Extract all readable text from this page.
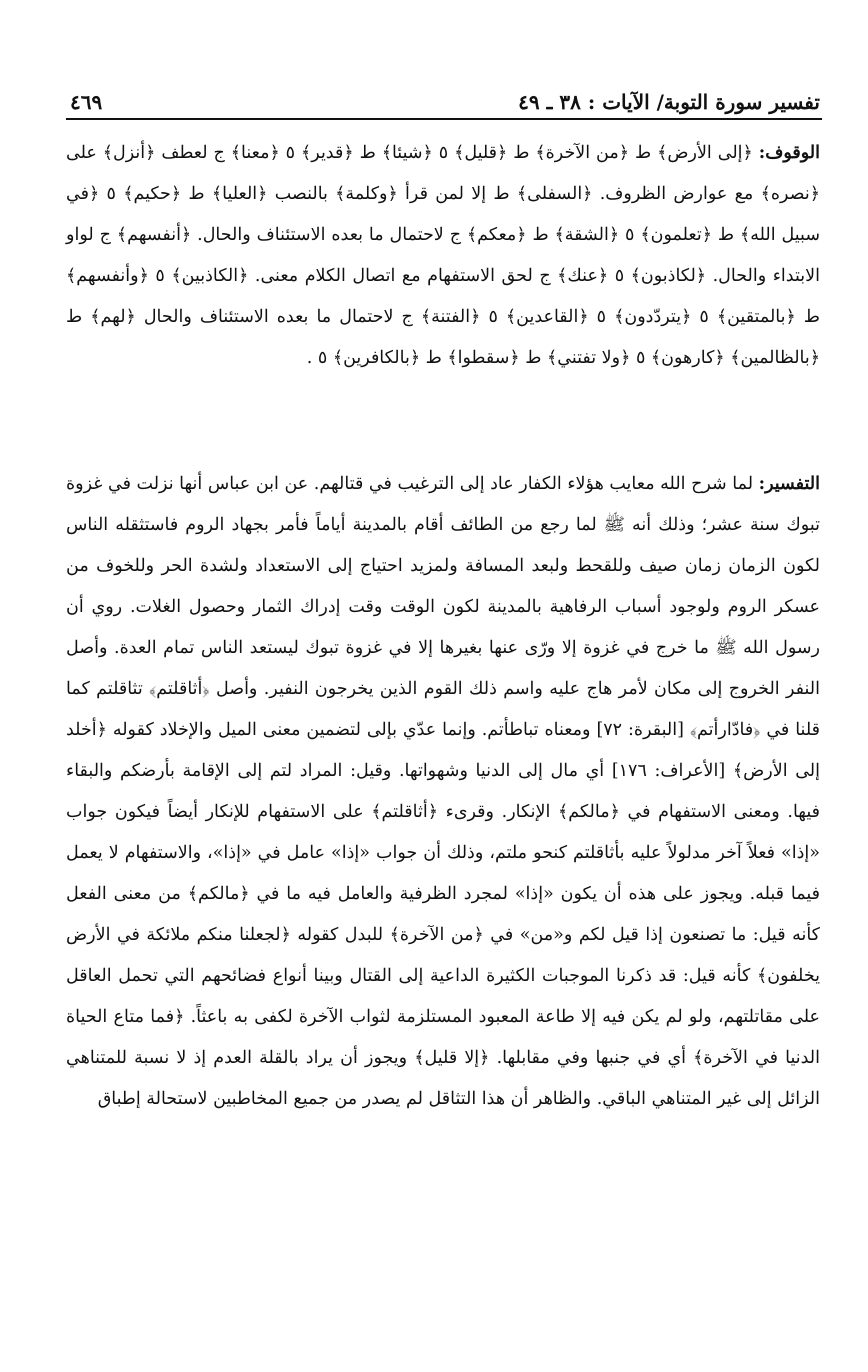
تفسير سورة التوبة/ الآيات : ٣٨ ـ ٤٩
٤٦٩
الوقوف: ﴿إلى الأرض﴾ ط ﴿من الآخرة﴾ ط ﴿قليل﴾ ٥ ﴿شيئا﴾ ط ﴿قدير﴾ ٥ ﴿معنا﴾ ج لعطف ﴿أنزل﴾ على ﴿نصره﴾ مع عوارض الظروف. ﴿السفلى﴾ ط إلا لمن قرأ ﴿وكلمة﴾ بالنصب ﴿العليا﴾ ط ﴿حكيم﴾ ٥ ﴿في سبيل الله﴾ ط ﴿تعلمون﴾ ٥ ﴿الشقة﴾ ط ﴿معكم﴾ ج لاحتمال ما بعده الاستئناف والحال. ﴿أنفسهم﴾ ج لواو الابتداء والحال. ﴿لكاذبون﴾ ٥ ﴿عنك﴾ ج لحق الاستفهام مع اتصال الكلام معنى. ﴿الكاذبين﴾ ٥ ﴿وأنفسهم﴾ ط ﴿بالمتقين﴾ ٥ ﴿يتردّدون﴾ ٥ ﴿القاعدين﴾ ٥ ﴿الفتنة﴾ ج لاحتمال ما بعده الاستئناف والحال ﴿لهم﴾ ط ﴿بالظالمين﴾ ﴿كارهون﴾ ٥ ﴿ولا تفتني﴾ ط ﴿سقطوا﴾ ط ﴿بالكافرين﴾ ٥ .
التفسير: لما شرح الله معايب هؤلاء الكفار عاد إلى الترغيب في قتالهم. عن ابن عباس أنها نزلت في غزوة تبوك سنة عشر؛ وذلك أنه ﷺ لما رجع من الطائف أقام بالمدينة أياماً فأمر بجهاد الروم فاستثقله الناس لكون الزمان زمان صيف وللقحط ولبعد المسافة ولمزيد احتياج إلى الاستعداد ولشدة الحر وللخوف من عسكر الروم ولوجود أسباب الرفاهية بالمدينة لكون الوقت وقت إدراك الثمار وحصول الغلات. روي أن رسول الله ﷺ ما خرج في غزوة إلا ورّى عنها بغيرها إلا في غزوة تبوك ليستعد الناس تمام العدة. وأصل النفر الخروج إلى مكان لأمر هاج عليه واسم ذلك القوم الذين يخرجون النفير. وأصل ﴿أثاقلتم﴾ تثاقلتم كما قلنا في ﴿فادّارأتم﴾ [البقرة: ٧٢] ومعناه تباطأتم. وإنما عدّي بإلى لتضمين معنى الميل والإخلاد كقوله ﴿أخلد إلى الأرض﴾ [الأعراف: ١٧٦] أي مال إلى الدنيا وشهواتها. وقيل: المراد لتم إلى الإقامة بأرضكم والبقاء فيها. ومعنى الاستفهام في ﴿مالكم﴾ الإنكار. وقرىء ﴿أثاقلتم﴾ على الاستفهام للإنكار أيضاً فيكون جواب «إذا» فعلاً آخر مدلولاً عليه بأثاقلتم كنحو ملتم، وذلك أن جواب «إذا» عامل في «إذا»، والاستفهام لا يعمل فيما قبله. ويجوز على هذه أن يكون «إذا» لمجرد الظرفية والعامل فيه ما في ﴿مالكم﴾ من معنى الفعل كأنه قيل: ما تصنعون إذا قيل لكم و«من» في ﴿من الآخرة﴾ للبدل كقوله ﴿لجعلنا منكم ملائكة في الأرض يخلفون﴾ كأنه قيل: قد ذكرنا الموجبات الكثيرة الداعية إلى القتال وبينا أنواع فضائحهم التي تحمل العاقل على مقاتلتهم، ولو لم يكن فيه إلا طاعة المعبود المستلزمة لثواب الآخرة لكفى به باعثاً. ﴿فما متاع الحياة الدنيا في الآخرة﴾ أي في جنبها وفي مقابلها. ﴿إلا قليل﴾ ويجوز أن يراد بالقلة العدم إذ لا نسبة للمتناهي الزائل إلى غير المتناهي الباقي. والظاهر أن هذا التثاقل لم يصدر من جميع المخاطبين لاستحالة إطباق
